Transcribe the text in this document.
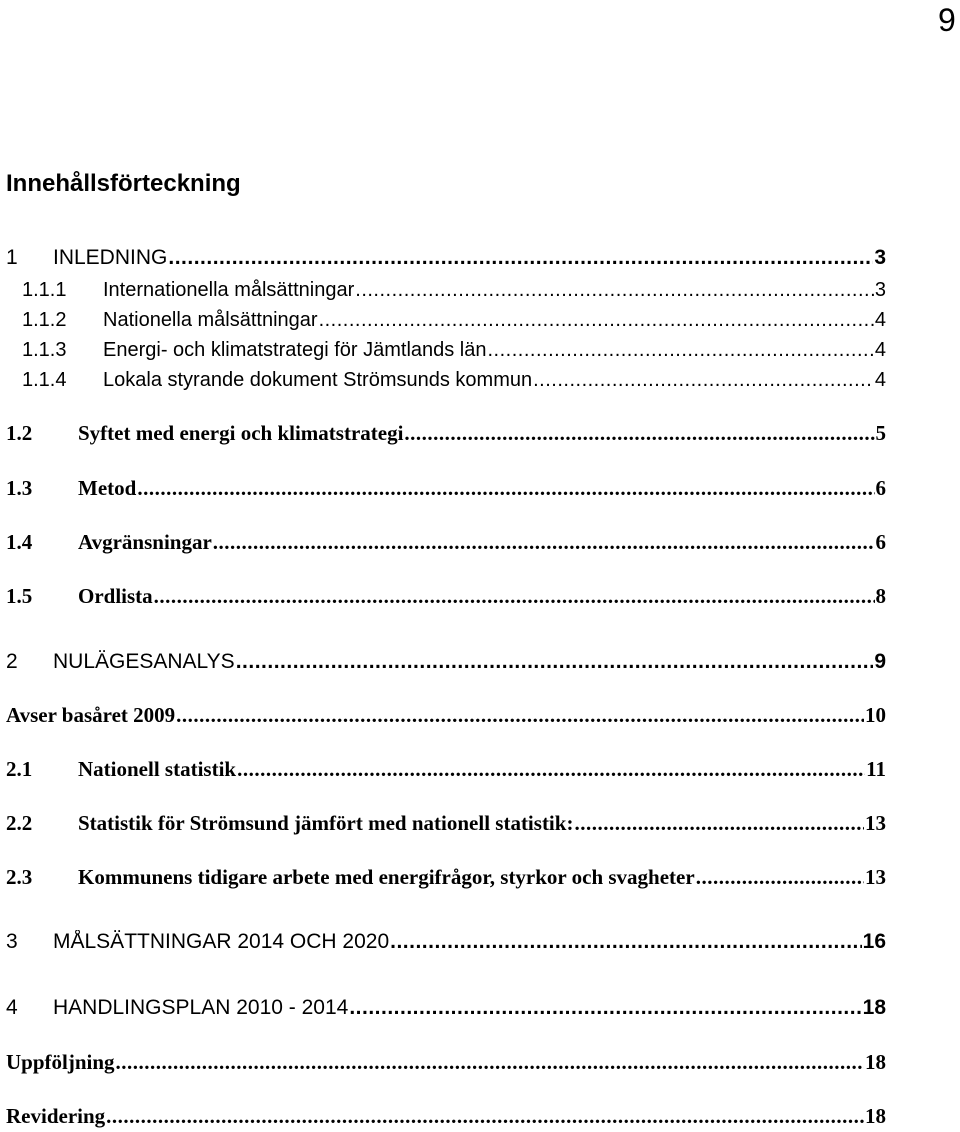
9
Innehållsförteckning
1	INLEDNING .....	3
1.1.1	Internationella målsättningar .....	3
1.1.2	Nationella målsättningar .....	4
1.1.3	Energi- och klimatstrategi för Jämtlands län .....	4
1.1.4	Lokala styrande dokument Strömsunds kommun .....	4
1.2	Syftet med energi och klimatstrategi .....	5
1.3	Metod .....	6
1.4	Avgränsningar .....	6
1.5	Ordlista .....	8
2	NULÄGESANALYS .....	9
Avser basåret 2009 .....	10
2.1	Nationell statistik .....	11
2.2	Statistik för Strömsund jämfört med nationell statistik: .....	13
2.3	Kommunens tidigare arbete med energifrågor, styrkor och svagheter .....	13
3	MÅLSÄTTNINGAR 2014 OCH 2020 .....	16
4	HANDLINGSPLAN 2010 - 2014 .....	18
Uppföljning .....	18
Revidering .....	18
